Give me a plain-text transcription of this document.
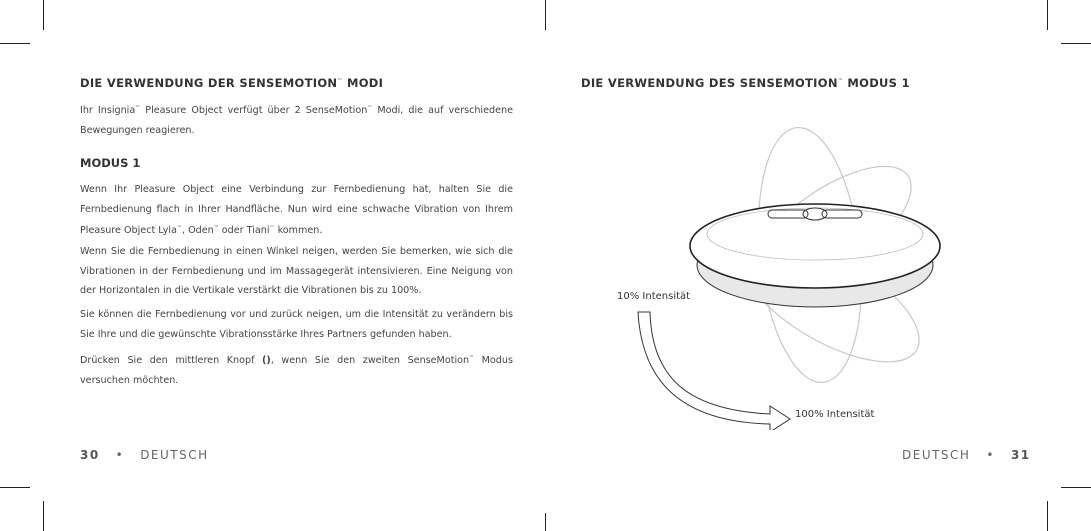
DIE VERWENDUNG DER SENSEMOTION™ MODI

Ihr Insignia™ Pleasure Object verfügt über 2 SenseMotion™ Modi, die auf verschiedene Bewegungen reagieren.

MODUS 1

Wenn Ihr Pleasure Object eine Verbindung zur Fernbedienung hat, halten Sie die Fernbedienung flach in Ihrer Handfläche. Nun wird eine schwache Vibration von Ihrem Pleasure Object Lyla™, Oden™ oder Tiani™ kommen.

Wenn Sie die Fernbedienung in einen Winkel neigen, werden Sie bemerken, wie sich die Vibrationen in der Fernbedienung und im Massagegerät intensivieren. Eine Neigung von der Horizontalen in die Vertikale verstärkt die Vibrationen bis zu 100%.

Sie können die Fernbedienung vor und zurück neigen, um die Intensität zu verändern bis Sie Ihre und die gewünschte Vibrationsstärke Ihres Partners gefunden haben.

Drücken Sie den mittleren Knopf (), wenn Sie den zweiten SenseMotion™ Modus versuchen möchten.

30 • DEUTSCH
DIE VERWENDUNG DES SENSEMOTION™ MODUS 1
10% Intensität
100% Intensität
DEUTSCH • 31
